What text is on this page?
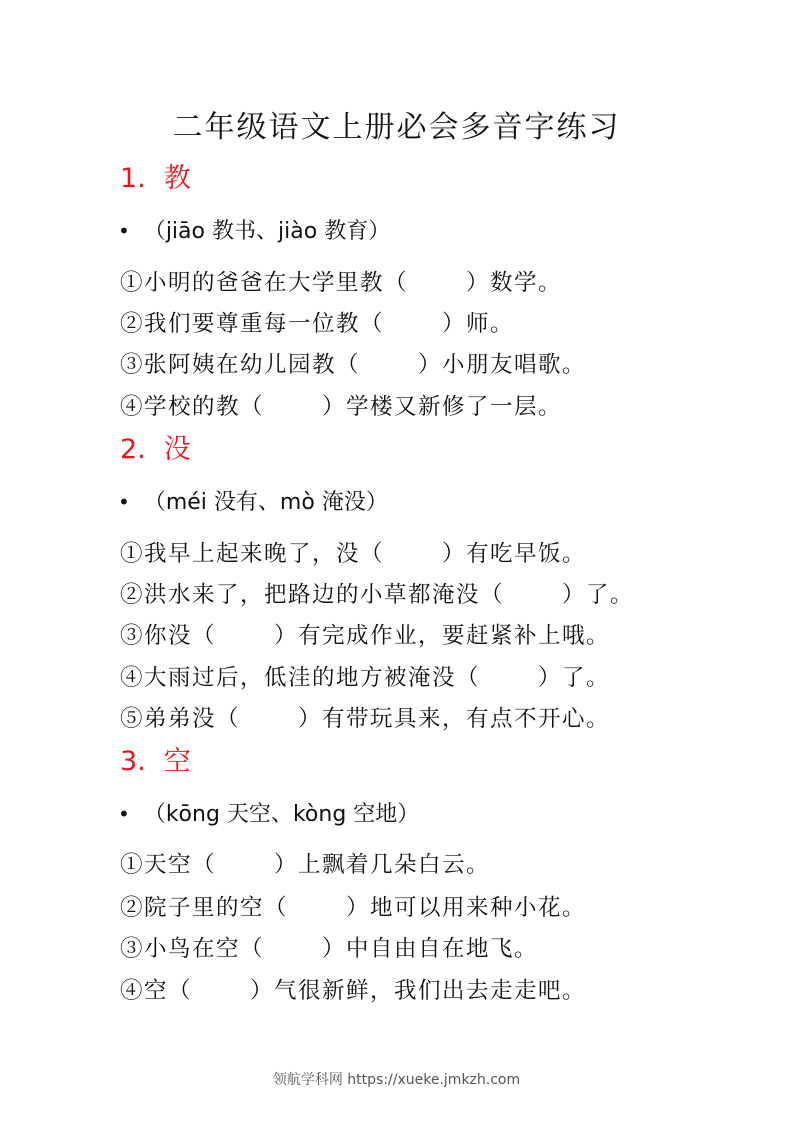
二年级语文上册必会多音字练习
1. 教
• （jiāo 教书、jiào 教育）
①小明的爸爸在大学里教（	）数学。
②我们要尊重每一位教（	）师。
③张阿姨在幼儿园教（	）小朋友唱歌。
④学校的教（	）学楼又新修了一层。
2. 没
• （méi 没有、mò 淹没）
①我早上起来晚了，没（	）有吃早饭。
②洪水来了，把路边的小草都淹没（	）了。
③你没（	）有完成作业，要赶紧补上哦。
④大雨过后，低洼的地方被淹没（	）了。
⑤弟弟没（	）有带玩具来，有点不开心。
3. 空
• （kōng 天空、kòng 空地）
①天空（	）上飘着几朵白云。
②院子里的空（	）地可以用来种小花。
③小鸟在空（	）中自由自在地飞。
④空（	）气很新鲜，我们出去走走吧。
领航学科网 https://xueke.jmkzh.com
